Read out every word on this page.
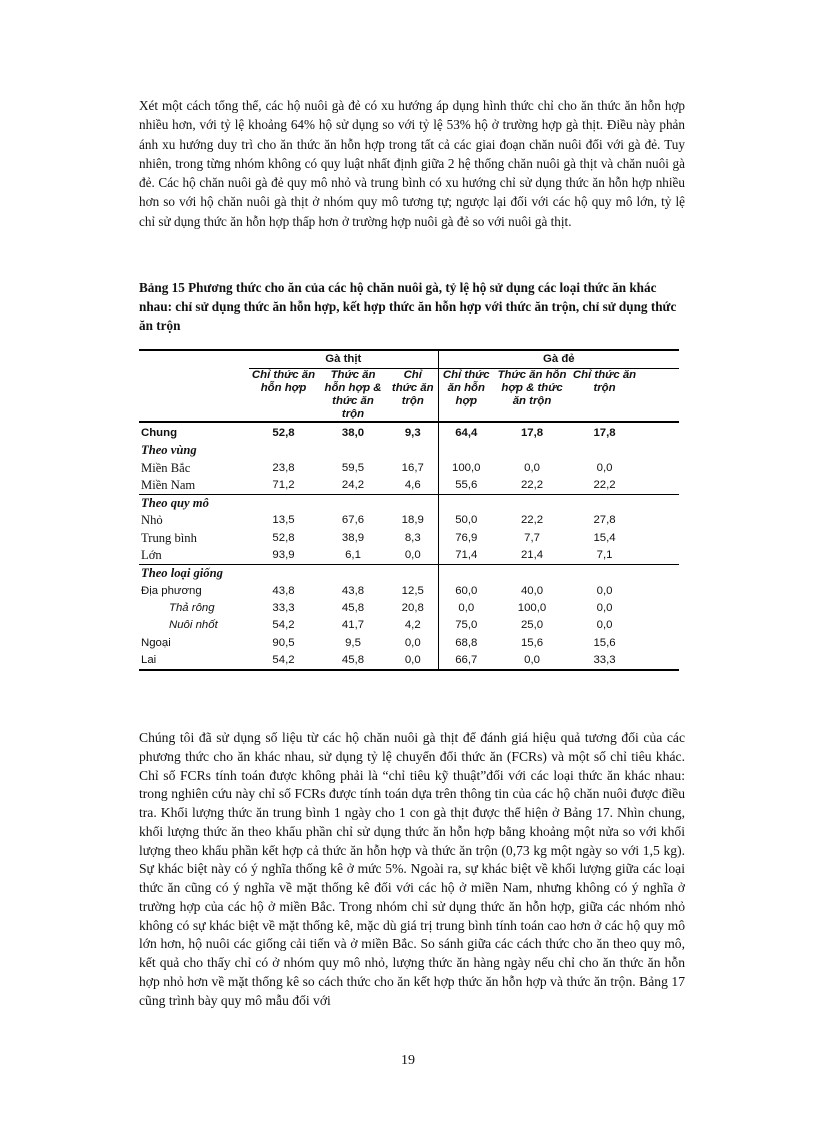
Xét một cách tổng thể, các hộ nuôi gà đẻ có xu hướng áp dụng hình thức chỉ cho ăn thức ăn hỗn hợp nhiều hơn, với tỷ lệ khoảng 64% hộ sử dụng so với tỷ lệ 53% hộ ở trường hợp gà thịt. Điều này phản ánh xu hướng duy trì cho ăn thức ăn hỗn hợp trong tất cả các giai đoạn chăn nuôi đối với gà đẻ. Tuy nhiên, trong từng nhóm không có quy luật nhất định giữa 2 hệ thống chăn nuôi gà thịt và chăn nuôi gà đẻ. Các hộ chăn nuôi gà đẻ quy mô nhỏ và trung bình có xu hướng chỉ sử dụng thức ăn hỗn hợp nhiều hơn so với hộ chăn nuôi gà thịt ở nhóm quy mô tương tự; ngược lại đối với các hộ quy mô lớn, tỷ lệ chỉ sử dụng thức ăn hỗn hợp thấp hơn ở trường hợp nuôi gà đẻ so với nuôi gà thịt.

Bảng 15 Phương thức cho ăn của các hộ chăn nuôi gà, tỷ lệ hộ sử dụng các loại thức ăn khác nhau: chỉ sử dụng thức ăn hỗn hợp, kết hợp thức ăn hỗn hợp với thức ăn trộn, chỉ sử dụng thức ăn trộn

	Gà thịt			Gà đẻ			
	Chỉ thức ăn hỗn hợp	Thức ăn hỗn hợp & thức ăn trộn	Chỉ thức ăn trộn	Chỉ thức ăn hỗn hợp	Thức ăn hỗn hợp & thức ăn trộn	Chỉ thức ăn trộn	
Chung	52,8	38,0	9,3	64,4	17,8	17,8	
Theo vùng							
Miền Bắc	23,8	59,5	16,7	100,0	0,0	0,0	
Miền Nam	71,2	24,2	4,6	55,6	22,2	22,2	
Theo quy mô							
Nhỏ	13,5	67,6	18,9	50,0	22,2	27,8	
Trung bình	52,8	38,9	8,3	76,9	7,7	15,4	
Lớn	93,9	6,1	0,0	71,4	21,4	7,1	
Theo loại giống							
Địa phương	43,8	43,8	12,5	60,0	40,0	0,0	
Thả rông	33,3	45,8	20,8	0,0	100,0	0,0	
Nuôi nhốt	54,2	41,7	4,2	75,0	25,0	0,0	
Ngoại	90,5	9,5	0,0	68,8	15,6	15,6	
Lai	54,2	45,8	0,0	66,7	0,0	33,3	

Chúng tôi đã sử dụng số liệu từ các hộ chăn nuôi gà thịt để đánh giá hiệu quả tương đối của các phương thức cho ăn khác nhau, sử dụng tỷ lệ chuyển đổi thức ăn (FCRs) và một số chỉ tiêu khác. Chỉ số FCRs tính toán được không phải là “chỉ tiêu kỹ thuật”đối với các loại thức ăn khác nhau: trong nghiên cứu này chỉ số FCRs được tính toán dựa trên thông tin của các hộ chăn nuôi được điều tra. Khối lượng thức ăn trung bình 1 ngày cho 1 con gà thịt được thể hiện ở Bảng 17. Nhìn chung, khối lượng thức ăn theo khẩu phần chỉ sử dụng thức ăn hỗn hợp bằng khoảng một nửa so với khối lượng theo khẩu phần kết hợp cả thức ăn hỗn hợp và thức ăn trộn (0,73 kg một ngày so với 1,5 kg). Sự khác biệt này có ý nghĩa thống kê ở mức 5%. Ngoài ra, sự khác biệt về khối lượng giữa các loại thức ăn cũng có ý nghĩa về mặt thống kê đối với các hộ ở miền Nam, nhưng không có ý nghĩa ở trường hợp của các hộ ở miền Bắc. Trong nhóm chỉ sử dụng thức ăn hỗn hợp, giữa các nhóm nhỏ không có sự khác biệt về mặt thống kê, mặc dù giá trị trung bình tính toán cao hơn ở các hộ quy mô lớn hơn, hộ nuôi các giống cải tiến và ở miền Bắc. So sánh giữa các cách thức cho ăn theo quy mô, kết quả cho thấy chỉ có ở nhóm quy mô nhỏ, lượng thức ăn hàng ngày nếu chỉ cho ăn thức ăn hỗn hợp nhỏ hơn về mặt thống kê so cách thức cho ăn kết hợp thức ăn hỗn hợp và thức ăn trộn. Bảng 17 cũng trình bày quy mô mẫu đối với

19
